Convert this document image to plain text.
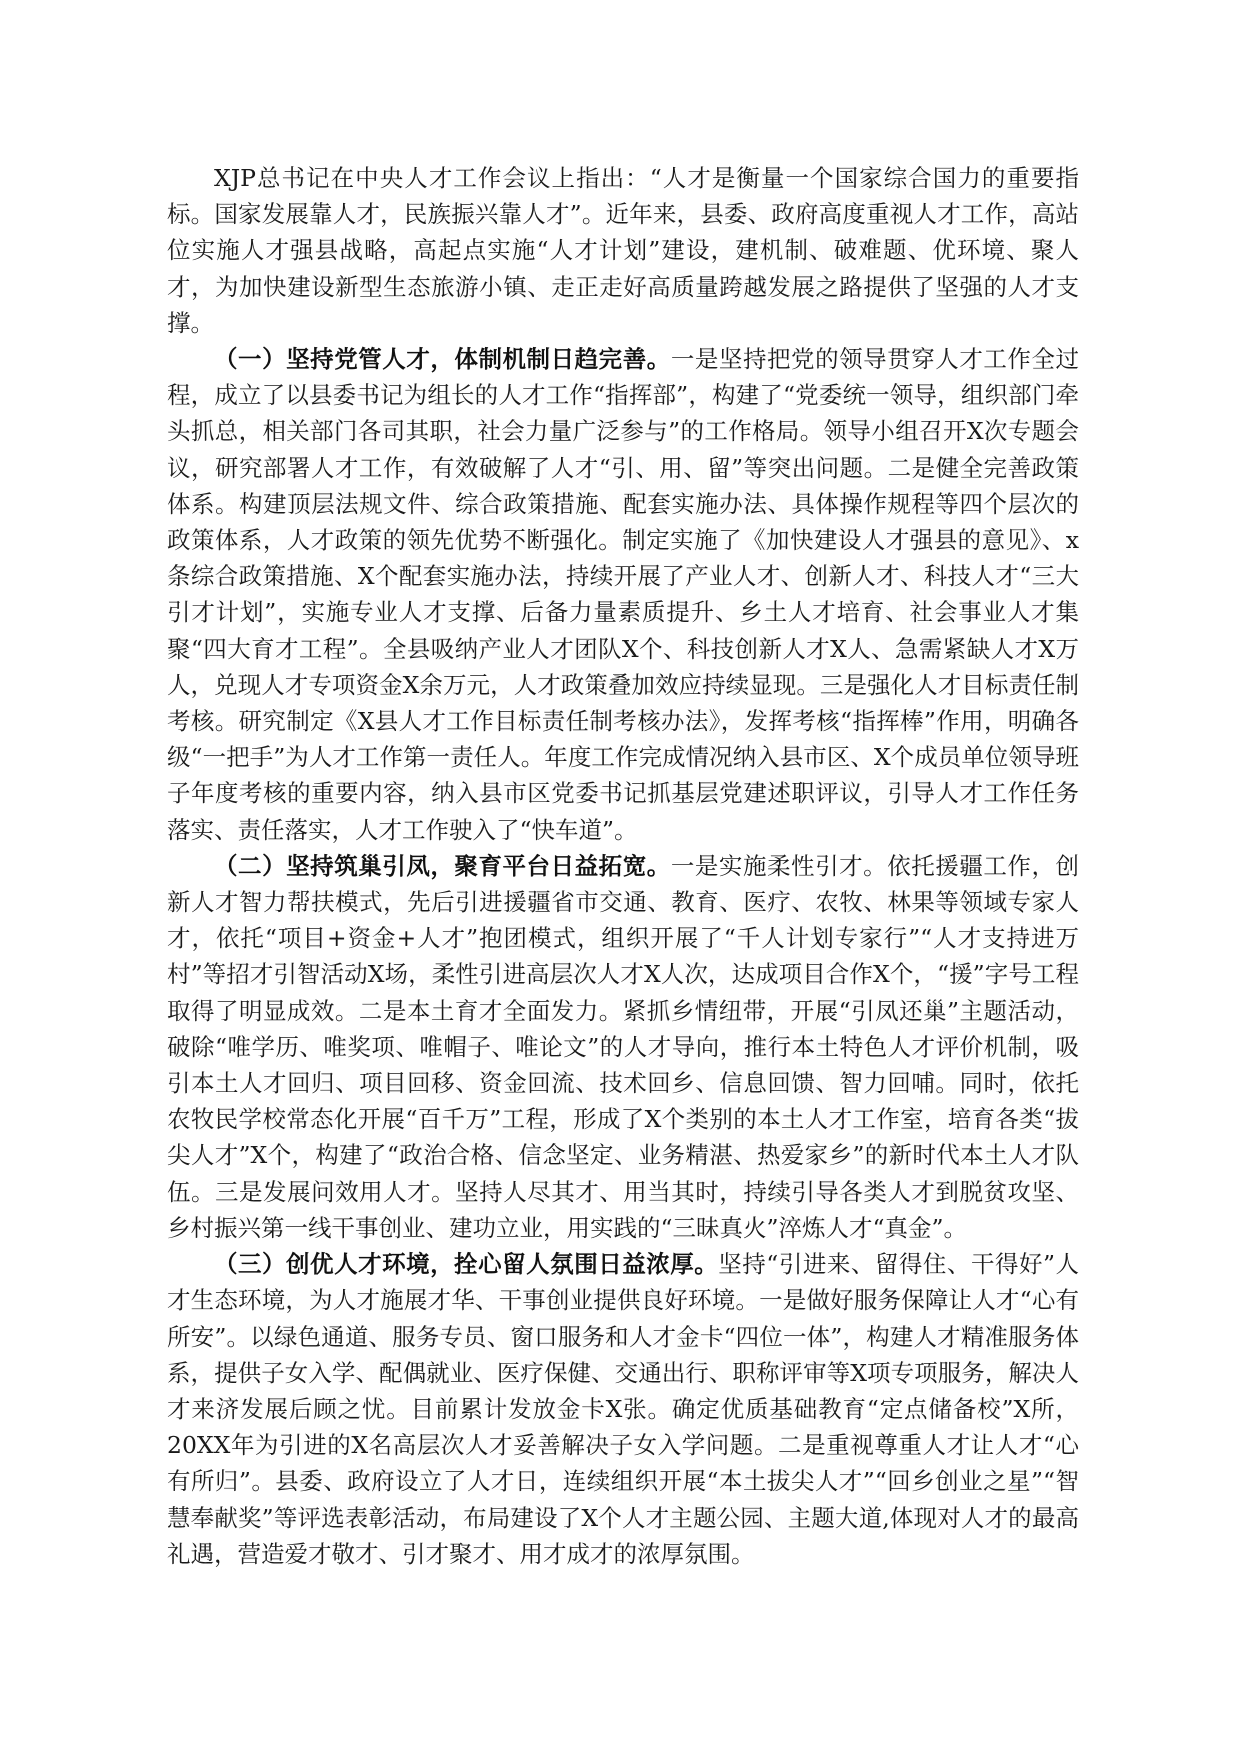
XJP总书记在中央人才工作会议上指出：“人才是衡量一个国家综合国力的重要指标。国家发展靠人才，民族振兴靠人才”。近年来，县委、政府高度重视人才工作，高站位实施人才强县战略，高起点实施“人才计划”建设，建机制、破难题、优环境、聚人才，为加快建设新型生态旅游小镇、走正走好高质量跨越发展之路提供了坚强的人才支撑。

（一）坚持党管人才，体制机制日趋完善。一是坚持把党的领导贯穿人才工作全过程，成立了以县委书记为组长的人才工作“指挥部”，构建了“党委统一领导，组织部门牵头抓总，相关部门各司其职，社会力量广泛参与”的工作格局。领导小组召开X次专题会议，研究部署人才工作，有效破解了人才“引、用、留”等突出问题。二是健全完善政策体系。构建顶层法规文件、综合政策措施、配套实施办法、具体操作规程等四个层次的政策体系，人才政策的领先优势不断强化。制定实施了《加快建设人才强县的意见》、x条综合政策措施、X个配套实施办法，持续开展了产业人才、创新人才、科技人才“三大引才计划”，实施专业人才支撑、后备力量素质提升、乡土人才培育、社会事业人才集聚“四大育才工程”。全县吸纳产业人才团队X个、科技创新人才X人、急需紧缺人才X万人，兑现人才专项资金X余万元，人才政策叠加效应持续显现。三是强化人才目标责任制考核。研究制定《X县人才工作目标责任制考核办法》，发挥考核“指挥棒”作用，明确各级“一把手”为人才工作第一责任人。年度工作完成情况纳入县市区、X个成员单位领导班子年度考核的重要内容，纳入县市区党委书记抓基层党建述职评议，引导人才工作任务落实、责任落实，人才工作驶入了“快车道”。

（二）坚持筑巢引凤，聚育平台日益拓宽。一是实施柔性引才。依托援疆工作，创新人才智力帮扶模式，先后引进援疆省市交通、教育、医疗、农牧、林果等领域专家人才，依托“项目+资金+人才”抱团模式，组织开展了“千人计划专家行”“人才支持进万村”等招才引智活动X场，柔性引进高层次人才X人次，达成项目合作X个，“援”字号工程取得了明显成效。二是本土育才全面发力。紧抓乡情纽带，开展“引凤还巢”主题活动，破除“唯学历、唯奖项、唯帽子、唯论文”的人才导向，推行本土特色人才评价机制，吸引本土人才回归、项目回移、资金回流、技术回乡、信息回馈、智力回哺。同时，依托农牧民学校常态化开展“百千万”工程，形成了X个类别的本土人才工作室，培育各类“拔尖人才”X个，构建了“政治合格、信念坚定、业务精湛、热爱家乡”的新时代本土人才队伍。三是发展问效用人才。坚持人尽其才、用当其时，持续引导各类人才到脱贫攻坚、乡村振兴第一线干事创业、建功立业，用实践的“三昧真火”淬炼人才“真金”。

（三）创优人才环境，拴心留人氛围日益浓厚。坚持“引进来、留得住、干得好”人才生态环境，为人才施展才华、干事创业提供良好环境。一是做好服务保障让人才“心有所安”。以绿色通道、服务专员、窗口服务和人才金卡“四位一体”，构建人才精准服务体系，提供子女入学、配偶就业、医疗保健、交通出行、职称评审等X项专项服务，解决人才来济发展后顾之忧。目前累计发放金卡X张。确定优质基础教育“定点储备校”X所，20XX年为引进的X名高层次人才妥善解决子女入学问题。二是重视尊重人才让人才“心有所归”。县委、政府设立了人才日，连续组织开展“本土拔尖人才”“回乡创业之星”“智慧奉献奖”等评选表彰活动，布局建设了X个人才主题公园、主题大道,体现对人才的最高礼遇，营造爱才敬才、引才聚才、用才成才的浓厚氛围。
